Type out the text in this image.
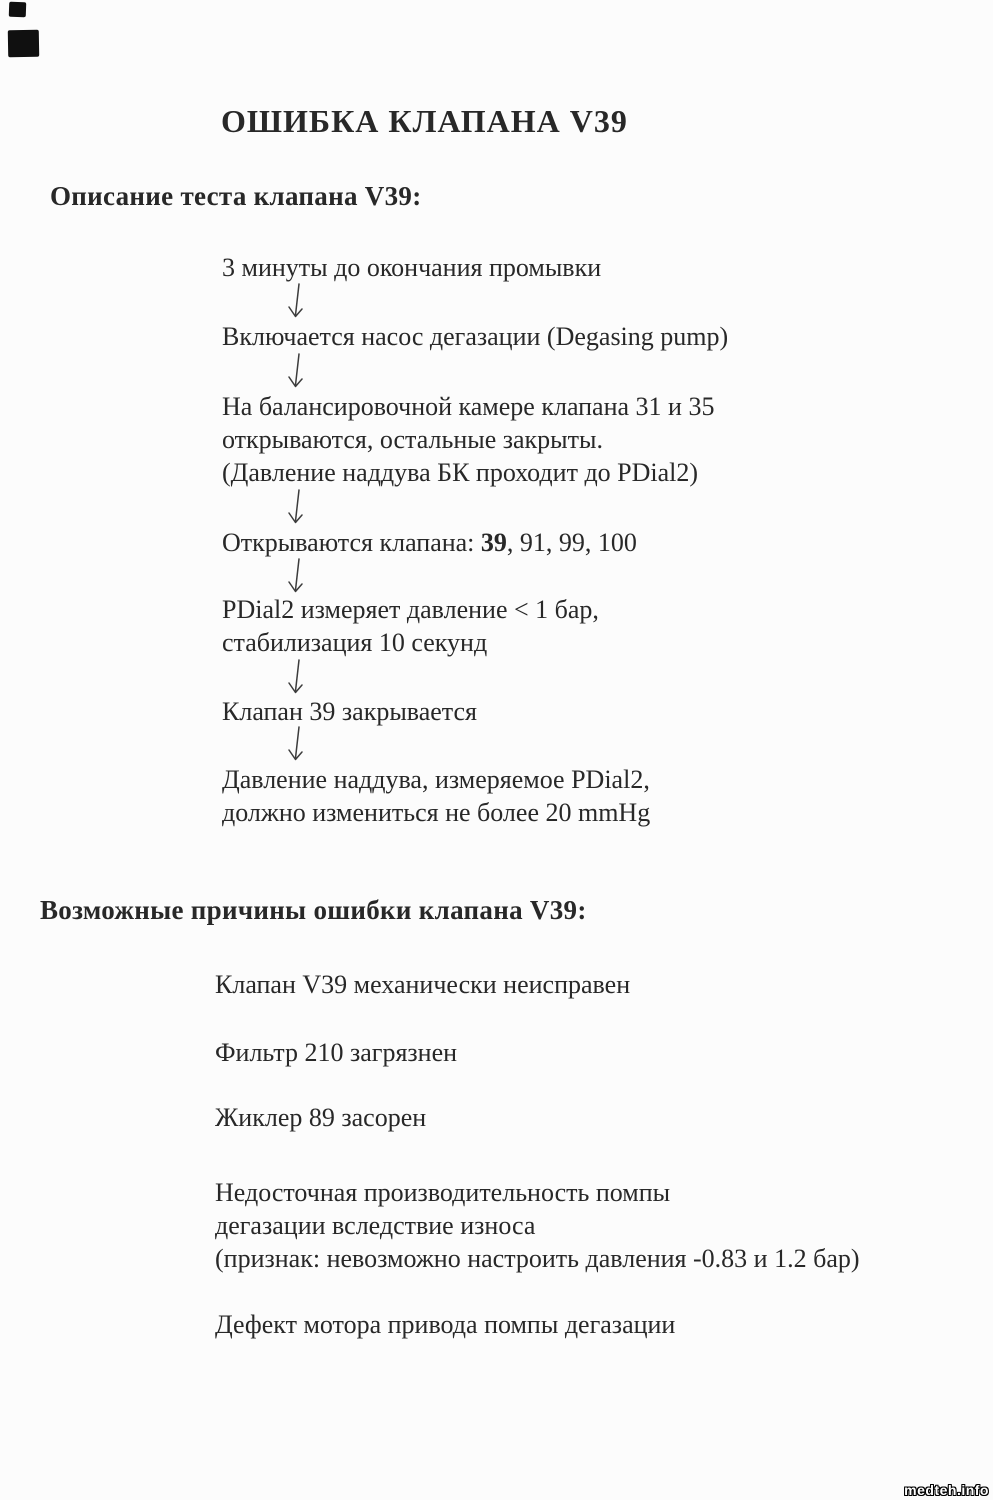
ОШИБКА КЛАПАНА V39
Описание теста клапана V39:
3 минуты до окончания промывки
Включается насос дегазации (Degasing pump)
На балансировочной камере клапана 31 и 35
открываются, остальные закрыты.
(Давление наддува БК проходит до PDial2)
Открываются клапана: 39, 91, 99, 100
PDial2 измеряет давление < 1 бар,
стабилизация 10 секунд
Клапан 39 закрывается
Давление наддува, измеряемое PDial2,
должно измениться не более 20 mmHg
Возможные причины ошибки клапана V39:
Клапан V39 механически неисправен
Фильтр 210 загрязнен
Жиклер 89 засорен
Недосточная производительность помпы
дегазации вследствие износа
(признак: невозможно настроить давления -0.83 и 1.2 бар)
Дефект мотора привода помпы дегазации
medteh.info
